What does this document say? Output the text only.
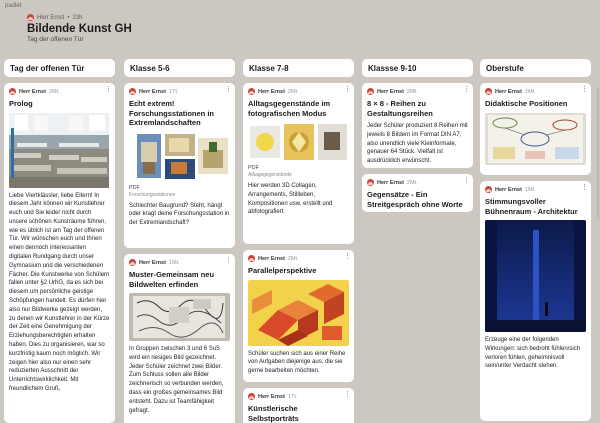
padlet
Herr Ernst • 23h
Bildende Kunst GH
Tag der offenen Tür
Tag der offenen Tür
Herr Ernst 2Mt.	⋮
Prolog
Liebe Viertklässler, liebe Eltern! In diesem Jahr können wir Kunstlehrer euch und Sie leider nicht durch unsere schönen Kunsträume führen, wie es üblich ist am Tag der offenen Tür. Wir wünschen euch und Ihnen einen dennoch interessanten digitalen Rundgang durch unser Gymnasium und die verschiedenen Fächer. Die Kunstwerke von Schülern fallen unter §2 UrhG, da es sich bei diesem um persönliche geistige Schöpfungen handelt. Es dürfen hier also nur Bildwerke gezeigt werden, zu denen wir Kunstlehrer in der Kürze der Zeit eine Genehmigung der Erziehungsberechtigten erhalten haben. Dies zu organisieren, war so kurzfristig kaum noch möglich. Wir zeigen hier also nur einen sehr reduzierten Ausschnitt der Unterrichtswirklichkeit. Mit freundlichem Gruß,
Klasse 5-6
Herr Ernst 1Tt.	⋮
Echt extrem! Forschungsstationen in Extremlandschaften
PDF
Forschungsstationen
Schlechter Baugrund? Steht, hängt oder kragt deine Forschungsstation in der Extremlandschaft?
Herr Ernst 1Mt.	⋮
Muster-Gemeinsam neu Bildwelten erfinden
In Gruppen zwischen 3 und 6 SuS wird ein riesiges Bild gezeichnet. Jeder Schüler zeichnet zwei Bilder. Zum Schluss sollen alle Bilder zeichnerisch so verbunden werden, dass ein großes gemeinsames Bild entsteht. Dazu ist Teamfähigkeit gefragt.
Klasse 7-8
Herr Ernst 2Mt.	⋮
Alltagsgegenstände im fotografischen Modus
PDF
Alltagsgegenstände
Hier werden 3D Collagen, Arrangements, Stillleben, Kompositionen usw. erstellt und abfotografiert.
Herr Ernst 2Mt.	⋮
Parallelperspektive
Schüler suchen sich aus einer Reihe von Aufgaben diejenige aus, die sie gerne bearbeiten möchten.
Herr Ernst 1Tt.	⋮
Künstlerische Selbstporträts
Klassse 9-10
Herr Ernst 2Mt.	⋮
8 × 8 - Reihen zu Gestaltungsreihen
Jeder Schüler produziert 8 Reihen mit jeweils 8 Bildern im Format DIN A7, also unendlich viele Kleinformate, genauer 64 Stück. Vielfalt ist ausdrücklich erwünscht.
Herr Ernst 2Mt.	⋮
Gegensätze - Ein Streitgespräch ohne Worte
Oberstufe
Herr Ernst 2Mt.	⋮
Didaktische Positionen
Herr Ernst 1Mt.	⋮
Stimmungsvoller Bühnenraum - Architektur
Erzeuge eine der folgenden Wirkungen: sich bedroht fühlen/sich verloren fühlen, geheimnisvoll sein/unter Verdacht stehen.
